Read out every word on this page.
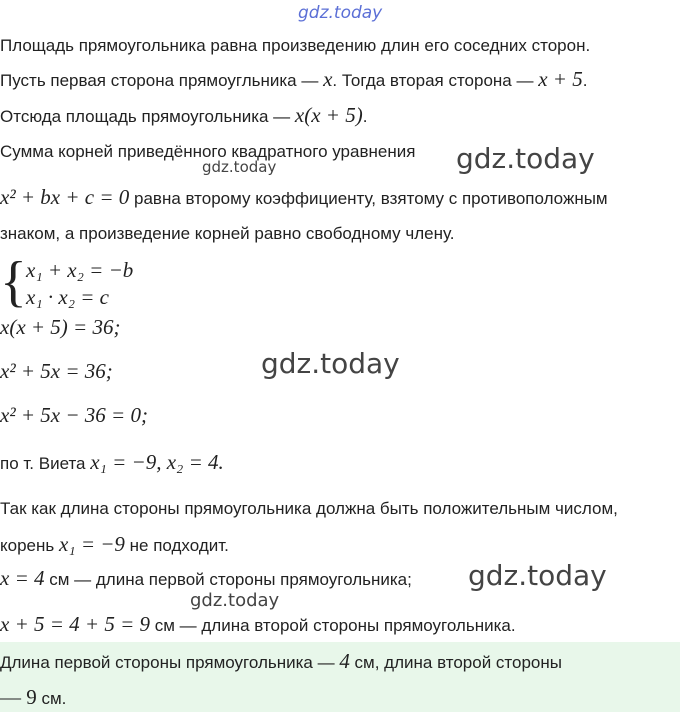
gdz.today
gdz.today
gdz.today
gdz.today
gdz.today
gdz.today
Площадь прямоугольника равна произведению длин его соседних сторон.
Пусть первая сторона прямоугльника — x. Тогда вторая сторона — x + 5.
Отсюда площадь прямоугольника — x(x + 5).
Сумма корней приведённого квадратного уравнения
x² + bx + c = 0 равна второму коэффициенту, взятому с противоположным
знаком, а произведение корней равно свободному члену.
{ x₁ + x₂ = −b
x₁ · x₂ = c
x(x + 5) = 36;
x² + 5x = 36;
x² + 5x − 36 = 0;
по т. Виета x₁ = −9, x₂ = 4.
Так как длина стороны прямоугольника должна быть положительным числом,
корень x₁ = −9 не подходит.
x = 4 см — длина первой стороны прямоугольника;
x + 5 = 4 + 5 = 9 см — длина второй стороны прямоугольника.
Длина первой стороны прямоугольника — 4 см, длина второй стороны
— 9 см.
